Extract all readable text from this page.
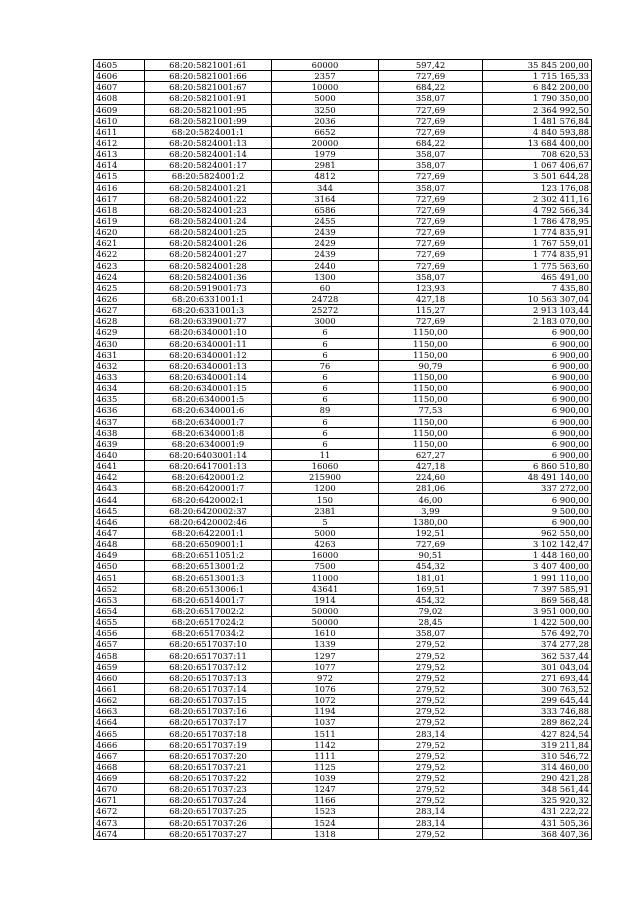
4605	68:20:5821001:61	60000	597,42	35 845 200,00
4606	68:20:5821001:66	2357	727,69	1 715 165,33
4607	68:20:5821001:67	10000	684,22	6 842 200,00
4608	68:20:5821001:91	5000	358,07	1 790 350,00
4609	68:20:5821001:95	3250	727,69	2 364 992,50
4610	68:20:5821001:99	2036	727,69	1 481 576,84
4611	68:20:5824001:1	6652	727,69	4 840 593,88
4612	68:20:5824001:13	20000	684,22	13 684 400,00
4613	68:20:5824001:14	1979	358,07	708 620,53
4614	68:20:5824001:17	2981	358,07	1 067 406,67
4615	68:20:5824001:2	4812	727,69	3 501 644,28
4616	68:20:5824001:21	344	358,07	123 176,08
4617	68:20:5824001:22	3164	727,69	2 302 411,16
4618	68:20:5824001:23	6586	727,69	4 792 566,34
4619	68:20:5824001:24	2455	727,69	1 786 478,95
4620	68:20:5824001:25	2439	727,69	1 774 835,91
4621	68:20:5824001:26	2429	727,69	1 767 559,01
4622	68:20:5824001:27	2439	727,69	1 774 835,91
4623	68:20:5824001:28	2440	727,69	1 775 563,60
4624	68:20:5824001:36	1300	358,07	465 491,00
4625	68:20:5919001:73	60	123,93	7 435,80
4626	68:20:6331001:1	24728	427,18	10 563 307,04
4627	68:20:6331001:3	25272	115,27	2 913 103,44
4628	68:20:6339001:77	3000	727,69	2 183 070,00
4629	68:20:6340001:10	6	1150,00	6 900,00
4630	68:20:6340001:11	6	1150,00	6 900,00
4631	68:20:6340001:12	6	1150,00	6 900,00
4632	68:20:6340001:13	76	90,79	6 900,00
4633	68:20:6340001:14	6	1150,00	6 900,00
4634	68:20:6340001:15	6	1150,00	6 900,00
4635	68:20:6340001:5	6	1150,00	6 900,00
4636	68:20:6340001:6	89	77,53	6 900,00
4637	68:20:6340001:7	6	1150,00	6 900,00
4638	68:20:6340001:8	6	1150,00	6 900,00
4639	68:20:6340001:9	6	1150,00	6 900,00
4640	68:20:6403001:14	11	627,27	6 900,00
4641	68:20:6417001:13	16060	427,18	6 860 510,80
4642	68:20:6420001:2	215900	224,60	48 491 140,00
4643	68:20:6420001:7	1200	281,06	337 272,00
4644	68:20:6420002:1	150	46,00	6 900,00
4645	68:20:6420002:37	2381	3,99	9 500,00
4646	68:20:6420002:46	5	1380,00	6 900,00
4647	68:20:6422001:1	5000	192,51	962 550,00
4648	68:20:6509001:1	4263	727,69	3 102 142,47
4649	68:20:6511051:2	16000	90,51	1 448 160,00
4650	68:20:6513001:2	7500	454,32	3 407 400,00
4651	68:20:6513001:3	11000	181,01	1 991 110,00
4652	68:20:6513006:1	43641	169,51	7 397 585,91
4653	68:20:6514001:7	1914	454,32	869 568,48
4654	68:20:6517002:2	50000	79,02	3 951 000,00
4655	68:20:6517024:2	50000	28,45	1 422 500,00
4656	68:20:6517034:2	1610	358,07	576 492,70
4657	68:20:6517037:10	1339	279,52	374 277,28
4658	68:20:6517037:11	1297	279,52	362 537,44
4659	68:20:6517037:12	1077	279,52	301 043,04
4660	68:20:6517037:13	972	279,52	271 693,44
4661	68:20:6517037:14	1076	279,52	300 763,52
4662	68:20:6517037:15	1072	279,52	299 645,44
4663	68:20:6517037:16	1194	279,52	333 746,88
4664	68:20:6517037:17	1037	279,52	289 862,24
4665	68:20:6517037:18	1511	283,14	427 824,54
4666	68:20:6517037:19	1142	279,52	319 211,84
4667	68:20:6517037:20	1111	279,52	310 546,72
4668	68:20:6517037:21	1125	279,52	314 460,00
4669	68:20:6517037:22	1039	279,52	290 421,28
4670	68:20:6517037:23	1247	279,52	348 561,44
4671	68:20:6517037:24	1166	279,52	325 920,32
4672	68:20:6517037:25	1523	283,14	431 222,22
4673	68:20:6517037:26	1524	283,14	431 505,36
4674	68:20:6517037:27	1318	279,52	368 407,36
